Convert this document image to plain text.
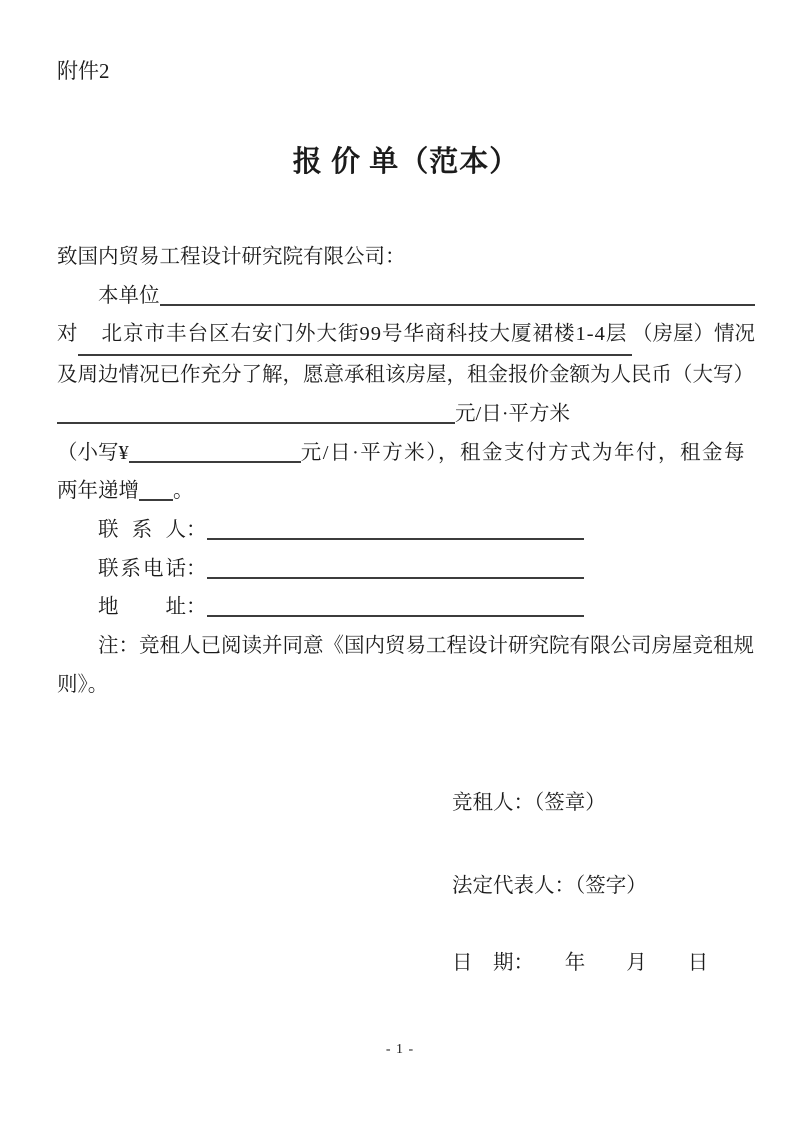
附件2
报 价 单（范本）
致国内贸易工程设计研究院有限公司：
本单位
对	北京市丰台区右安门外大街99号华商科技大厦裙楼1-4层 （房屋）情况
及周边情况已作充分了解，愿意承租该房屋，租金报价金额为人民币（大写）
元/日·平方米
（小写¥	元/日·平方米），租金支付方式为年付，租金每
两年递增 。
联系人 ：
联系电话 ：
地址 ：
注：竞租人已阅读并同意《国内贸易工程设计研究院有限公司房屋竞租规
则》。
竞租人：（签章）
法定代表人：（签字）
日　期：　　年　　月　　日
- 1 -
